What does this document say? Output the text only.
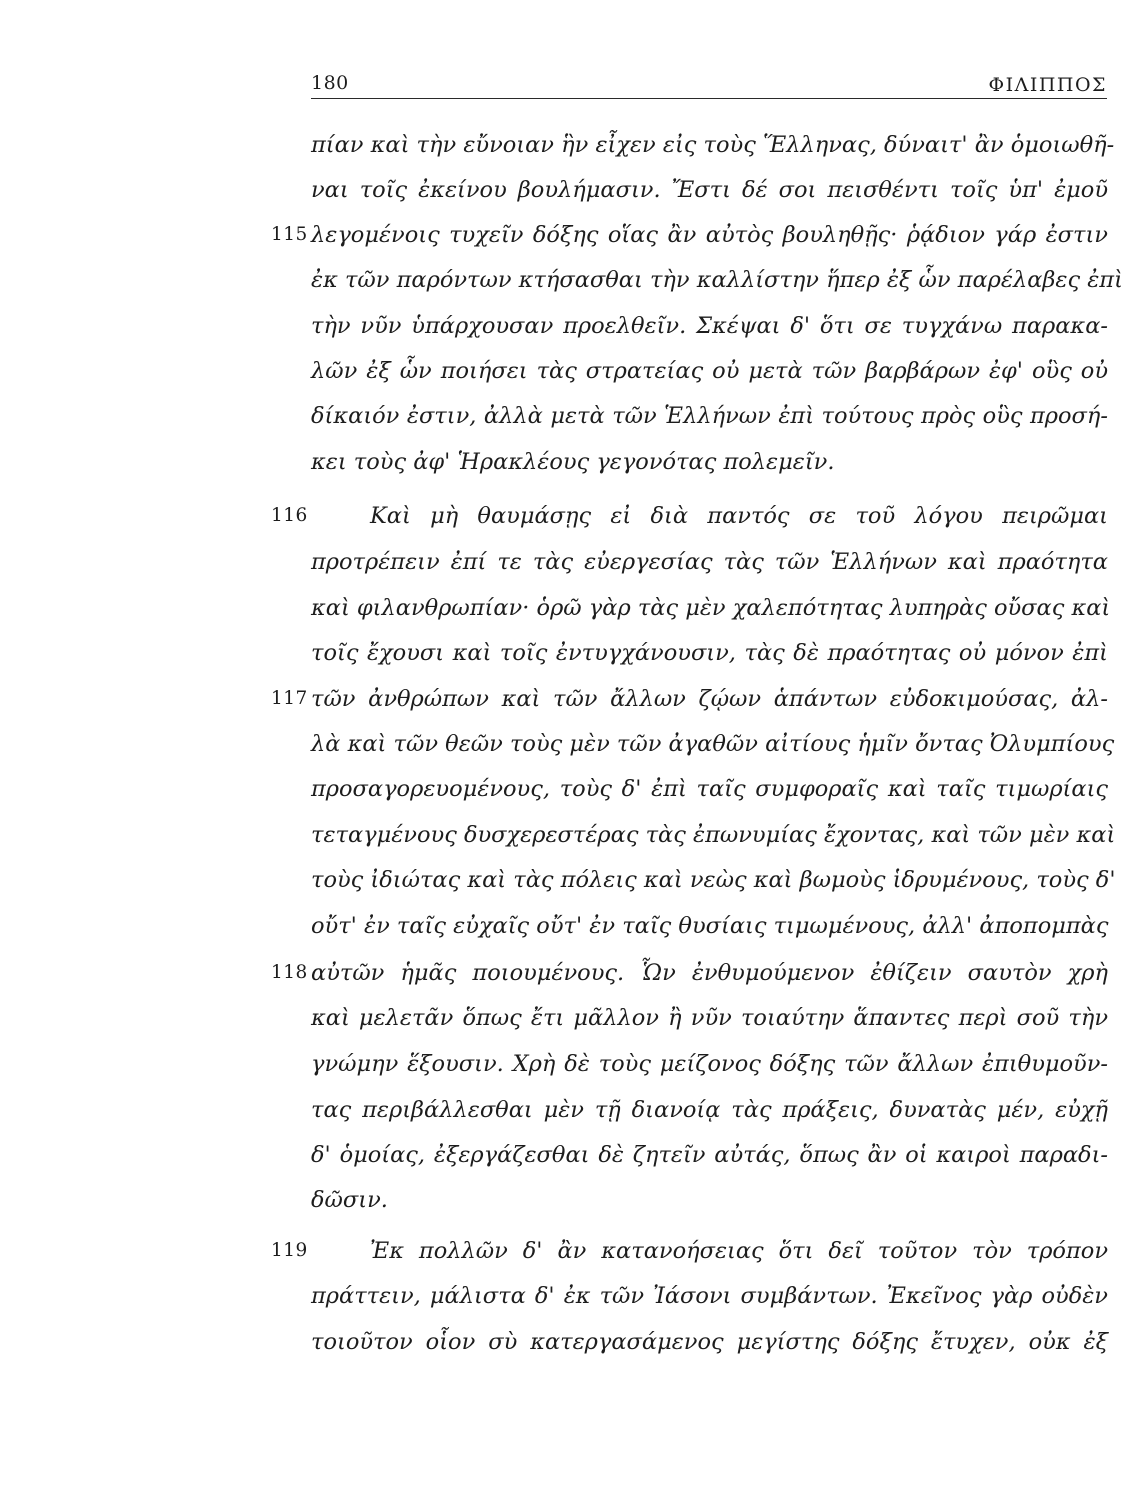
180	ΦΙΛΙΠΠΟΣ
πίαν καὶ τὴν εὔνοιαν ἣν εἶχεν εἰς τοὺς Ἕλληνας, δύναιτ' ἂν ὁμοιωθῆ-
ναι τοῖς ἐκείνου βουλήμασιν. Ἔστι δέ σοι πεισθέντι τοῖς ὑπ' ἐμοῦ
λεγομένοις τυχεῖν δόξης οἵας ἂν αὐτὸς βουληθῇς· ῥᾴδιον γάρ ἐστιν
ἐκ τῶν παρόντων κτήσασθαι τὴν καλλίστην ἥπερ ἐξ ὧν παρέλαβες ἐπὶ
τὴν νῦν ὑπάρχουσαν προελθεῖν. Σκέψαι δ' ὅτι σε τυγχάνω παρακα-
λῶν ἐξ ὧν ποιήσει τὰς στρατείας οὐ μετὰ τῶν βαρβάρων ἐφ' οὓς οὐ
δίκαιόν ἐστιν, ἀλλὰ μετὰ τῶν Ἑλλήνων ἐπὶ τούτους πρὸς οὓς προσή-
κει τοὺς ἀφ' Ἡρακλέους γεγονότας πολεμεῖν.
Καὶ μὴ θαυμάσῃς εἰ διὰ παντός σε τοῦ λόγου πειρῶμαι
προτρέπειν ἐπί τε τὰς εὐεργεσίας τὰς τῶν Ἑλλήνων καὶ πραότητα
καὶ φιλανθρωπίαν· ὁρῶ γὰρ τὰς μὲν χαλεπότητας λυπηρὰς οὔσας καὶ
τοῖς ἔχουσι καὶ τοῖς ἐντυγχάνουσιν, τὰς δὲ πραότητας οὐ μόνον ἐπὶ
τῶν ἀνθρώπων καὶ τῶν ἄλλων ζῴων ἁπάντων εὐδοκιμούσας, ἀλ-
λὰ καὶ τῶν θεῶν τοὺς μὲν τῶν ἀγαθῶν αἰτίους ἡμῖν ὄντας Ὀλυμπίους
προσαγορευομένους, τοὺς δ' ἐπὶ ταῖς συμφοραῖς καὶ ταῖς τιμωρίαις
τεταγμένους δυσχερεστέρας τὰς ἐπωνυμίας ἔχοντας, καὶ τῶν μὲν καὶ
τοὺς ἰδιώτας καὶ τὰς πόλεις καὶ νεὼς καὶ βωμοὺς ἱδρυμένους, τοὺς δ'
οὔτ' ἐν ταῖς εὐχαῖς οὔτ' ἐν ταῖς θυσίαις τιμωμένους, ἀλλ' ἀποπομπὰς
αὐτῶν ἡμᾶς ποιουμένους. Ὧν ἐνθυμούμενον ἐθίζειν σαυτὸν χρὴ
καὶ μελετᾶν ὅπως ἔτι μᾶλλον ἢ νῦν τοιαύτην ἅπαντες περὶ σοῦ τὴν
γνώμην ἕξουσιν. Χρὴ δὲ τοὺς μείζονος δόξης τῶν ἄλλων ἐπιθυμοῦν-
τας περιβάλλεσθαι μὲν τῇ διανοίᾳ τὰς πράξεις, δυνατὰς μέν, εὐχῇ
δ' ὁμοίας, ἐξεργάζεσθαι δὲ ζητεῖν αὐτάς, ὅπως ἂν οἱ καιροὶ παραδι-
δῶσιν.
Ἐκ πολλῶν δ' ἂν κατανοήσειας ὅτι δεῖ τοῦτον τὸν τρόπον
πράττειν, μάλιστα δ' ἐκ τῶν Ἰάσονι συμβάντων. Ἐκεῖνος γὰρ οὐδὲν
τοιοῦτον οἷον σὺ κατεργασάμενος μεγίστης δόξης ἔτυχεν, οὐκ ἐξ
115
116
117
118
119
